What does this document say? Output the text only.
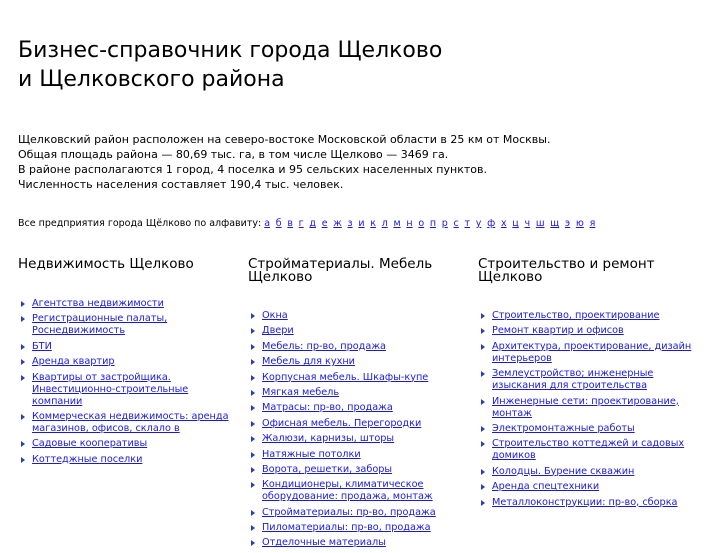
Бизнес-справочник города Щелково
и Щелковского района
Щелковский район расположен на северо-востоке Московской области в 25 км от Москвы.
Общая площадь района — 80,69 тыс. га, в том числе Щелково — 3469 га.
В районе располагаются 1 город, 4 поселка и 95 сельских населенных пунктов.
Численность населения составляет 190,4 тыс. человек.
Все предприятия города Щёлково по алфавиту: а б в г д е ж з и к л м н о п р с т у ф х ц ч ш щ э ю я
Недвижимость Щелково
Агентства недвижимости
Регистрационные палаты, Роснедвижимость
БТИ
Аренда квартир
Квартиры от застройщика. Инвестиционно-строительные компании
Коммерческая недвижимость: аренда магазинов, офисов, склало в
Садовые кооперативы
Коттеджные поселки
Стройматериалы. Мебель Щелково
Окна
Двери
Мебель: пр-во, продажа
Мебель для кухни
Корпусная мебель. Шкафы-купе
Мягкая мебель
Матрасы: пр-во, продажа
Офисная мебель. Перегородки
Жалюзи, карнизы, шторы
Натяжные потолки
Ворота, решетки, заборы
Кондиционеры, климатическое оборудование: продажа, монтаж
Стройматериалы: пр-во, продажа
Пиломатериалы: пр-во, продажа
Отделочные материалы
Строительство и ремонт Щелково
Строительство, проектирование
Ремонт квартир и офисов
Архитектура, проектирование, дизайн интерьеров
Землеустройство; инженерные изыскания для строительства
Инженерные сети: проектирование, монтаж
Электромонтажные работы
Строительство коттеджей и садовых домиков
Колодцы. Бурение скважин
Аренда спецтехники
Металлоконструкции: пр-во, сборка
